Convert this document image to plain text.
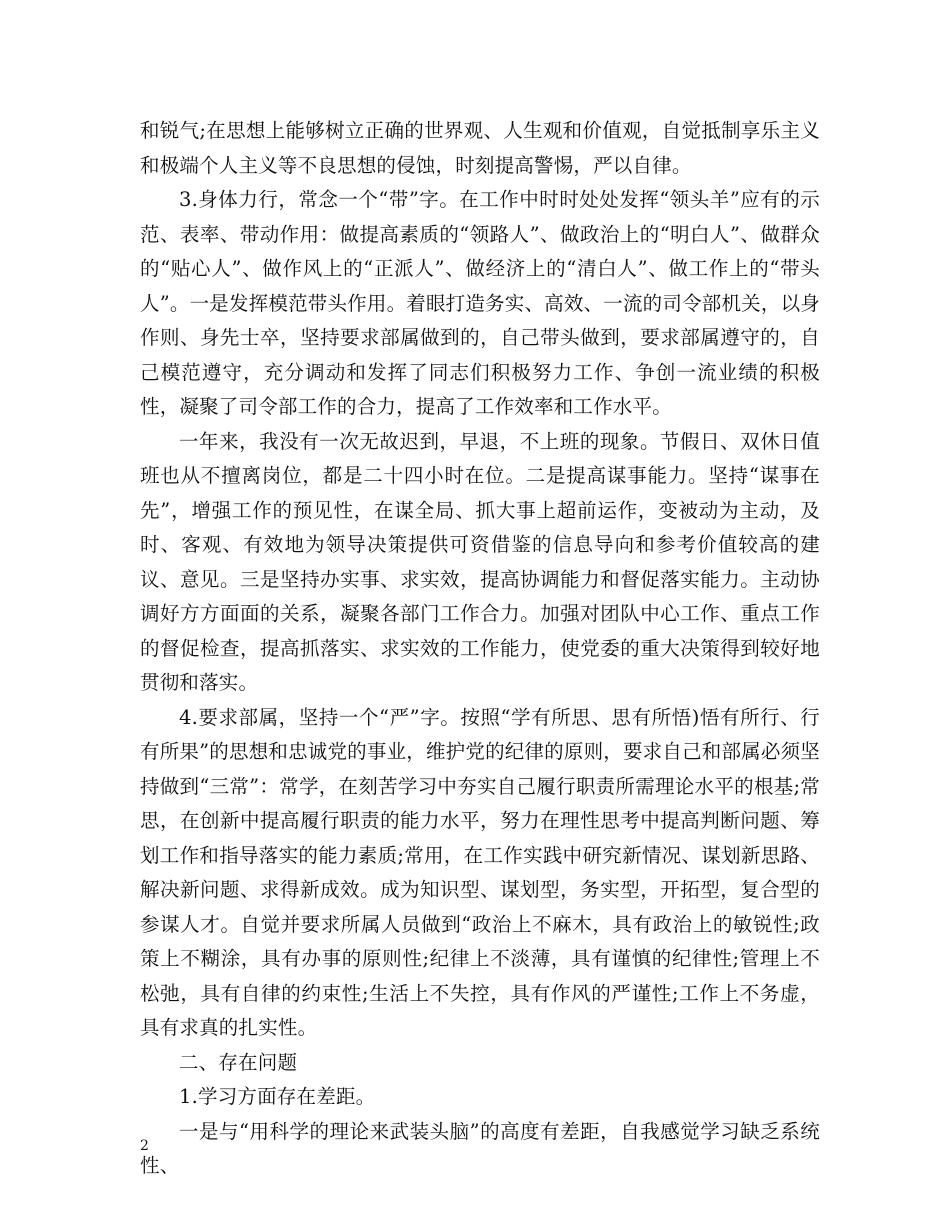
和锐气;在思想上能够树立正确的世界观、人生观和价值观，自觉抵制享乐主义和极端个人主义等不良思想的侵蚀，时刻提高警惕，严以自律。

3.身体力行，常念一个“带”字。在工作中时时处处发挥“领头羊”应有的示范、表率、带动作用：做提高素质的“领路人”、做政治上的“明白人”、做群众的“贴心人”、做作风上的“正派人”、做经济上的“清白人”、做工作上的“带头人”。一是发挥模范带头作用。着眼打造务实、高效、一流的司令部机关，以身作则、身先士卒，坚持要求部属做到的，自己带头做到，要求部属遵守的，自己模范遵守，充分调动和发挥了同志们积极努力工作、争创一流业绩的积极性，凝聚了司令部工作的合力，提高了工作效率和工作水平。

一年来，我没有一次无故迟到，早退，不上班的现象。节假日、双休日值班也从不擅离岗位，都是二十四小时在位。二是提高谋事能力。坚持“谋事在先”，增强工作的预见性，在谋全局、抓大事上超前运作，变被动为主动，及时、客观、有效地为领导决策提供可资借鉴的信息导向和参考价值较高的建议、意见。三是坚持办实事、求实效，提高协调能力和督促落实能力。主动协调好方方面面的关系，凝聚各部门工作合力。加强对团队中心工作、重点工作的督促检查，提高抓落实、求实效的工作能力，使党委的重大决策得到较好地贯彻和落实。

4.要求部属，坚持一个“严”字。按照“学有所思、思有所悟)悟有所行、行有所果”的思想和忠诚党的事业，维护党的纪律的原则，要求自己和部属必须坚持做到“三常”：常学，在刻苦学习中夯实自己履行职责所需理论水平的根基;常思，在创新中提高履行职责的能力水平，努力在理性思考中提高判断问题、筹划工作和指导落实的能力素质;常用，在工作实践中研究新情况、谋划新思路、解决新问题、求得新成效。成为知识型、谋划型，务实型，开拓型，复合型的参谋人才。自觉并要求所属人员做到“政治上不麻木，具有政治上的敏锐性;政策上不糊涂，具有办事的原则性;纪律上不淡薄，具有谨慎的纪律性;管理上不松弛，具有自律的约束性;生活上不失控，具有作风的严谨性;工作上不务虚，具有求真的扎实性。

二、存在问题

1.学习方面存在差距。

一是与“用科学的理论来武装头脑”的高度有差距，自我感觉学习缺乏系统性、

2
